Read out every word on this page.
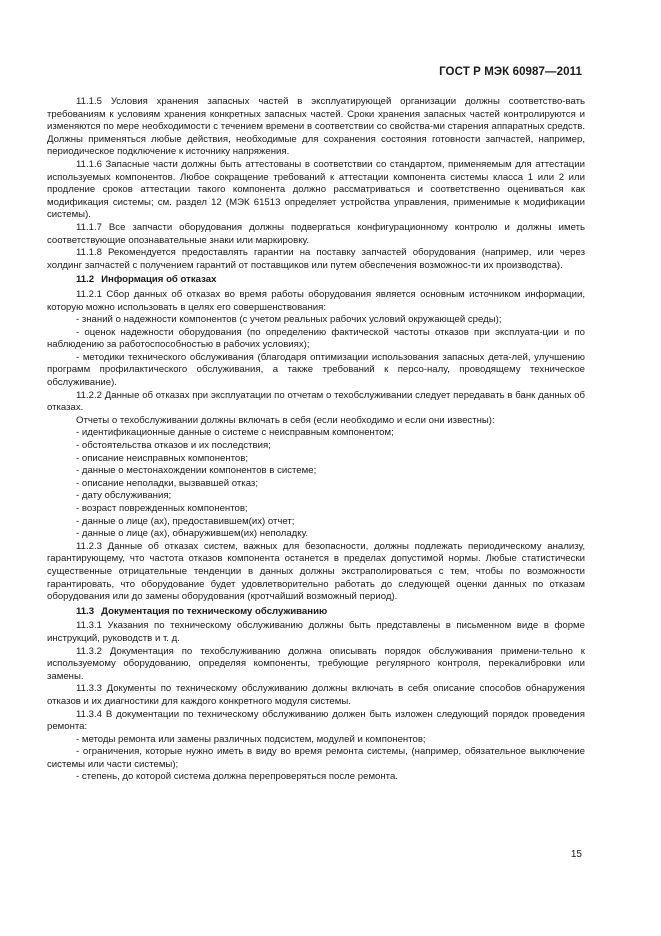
ГОСТ Р МЭК 60987—2011

11.1.5 Условия хранения запасных частей в эксплуатирующей организации должны соответство-вать требованиям к условиям хранения конкретных запасных частей. Сроки хранения запасных частей контролируются и изменяются по мере необходимости с течением времени в соответствии со свойства-ми старения аппаратных средств. Должны применяться любые действия, необходимые для сохранения состояния готовности запчастей, например, периодическое подключение к источнику напряжения.

11.1.6 Запасные части должны быть аттестованы в соответствии со стандартом, применяемым для аттестации используемых компонентов. Любое сокращение требований к аттестации компонента системы класса 1 или 2 или продление сроков аттестации такого компонента должно рассматриваться и соответственно оцениваться как модификация системы; см. раздел 12 (МЭК 61513 определяет устройства управления, применимые к модификации системы).

11.1.7 Все запчасти оборудования должны подвергаться конфигурационному контролю и должны иметь соответствующие опознавательные знаки или маркировку.

11.1.8 Рекомендуется предоставлять гарантии на поставку запчастей оборудования (например, или через холдинг запчастей с получением гарантий от поставщиков или путем обеспечения возможнос-ти их производства).

11.2 Информация об отказах

11.2.1 Сбор данных об отказах во время работы оборудования является основным источником информации, которую можно использовать в целях его совершенствования:

- знаний о надежности компонентов (с учетом реальных рабочих условий окружающей среды);

- оценок надежности оборудования (по определению фактической частоты отказов при эксплуата-ции и по наблюдению за работоспособностью в рабочих условиях);

- методики технического обслуживания (благодаря оптимизации использования запасных дета-лей, улучшению программ профилактического обслуживания, а также требований к персо-налу, проводящему техническое обслуживание).

11.2.2 Данные об отказах при эксплуатации по отчетам о техобслуживании следует передавать в банк данных об отказах.

Отчеты о техобслуживании должны включать в себя (если необходимо и если они известны):

- идентификационные данные о системе с неисправным компонентом;

- обстоятельства отказов и их последствия;

- описание неисправных компонентов;

- данные о местонахождении компонентов в системе;

- описание неполадки, вызвавшей отказ;

- дату обслуживания;

- возраст поврежденных компонентов;

- данные о лице (ах), предоставившем(их) отчет;

- данные о лице (ах), обнаружившем(их) неполадку.

11.2.3 Данные об отказах систем, важных для безопасности, должны подлежать периодическому анализу, гарантирующему, что частота отказов компонента останется в пределах допустимой нормы. Любые статистически существенные отрицательные тенденции в данных должны экстраполироваться с тем, чтобы по возможности гарантировать, что оборудование будет удовлетворительно работать до следующей оценки данных по отказам оборудования или до замены оборудования (кротчайший возможный период).

11.3 Документация по техническому обслуживанию

11.3.1 Указания по техническому обслуживанию должны быть представлены в письменном виде в форме инструкций, руководств и т. д.

11.3.2 Документация по техобслуживанию должна описывать порядок обслуживания примени-тельно к используемому оборудованию, определяя компоненты, требующие регулярного контроля, перекалибровки или замены.

11.3.3 Документы по техническому обслуживанию должны включать в себя описание способов обнаружения отказов и их диагностики для каждого конкретного модуля системы.

11.3.4 В документации по техническому обслуживанию должен быть изложен следующий порядок проведения ремонта:

- методы ремонта или замены различных подсистем, модулей и компонентов;

- ограничения, которые нужно иметь в виду во время ремонта системы, (например, обязательное выключение системы или части системы);

- степень, до которой система должна перепроверяться после ремонта.

15
